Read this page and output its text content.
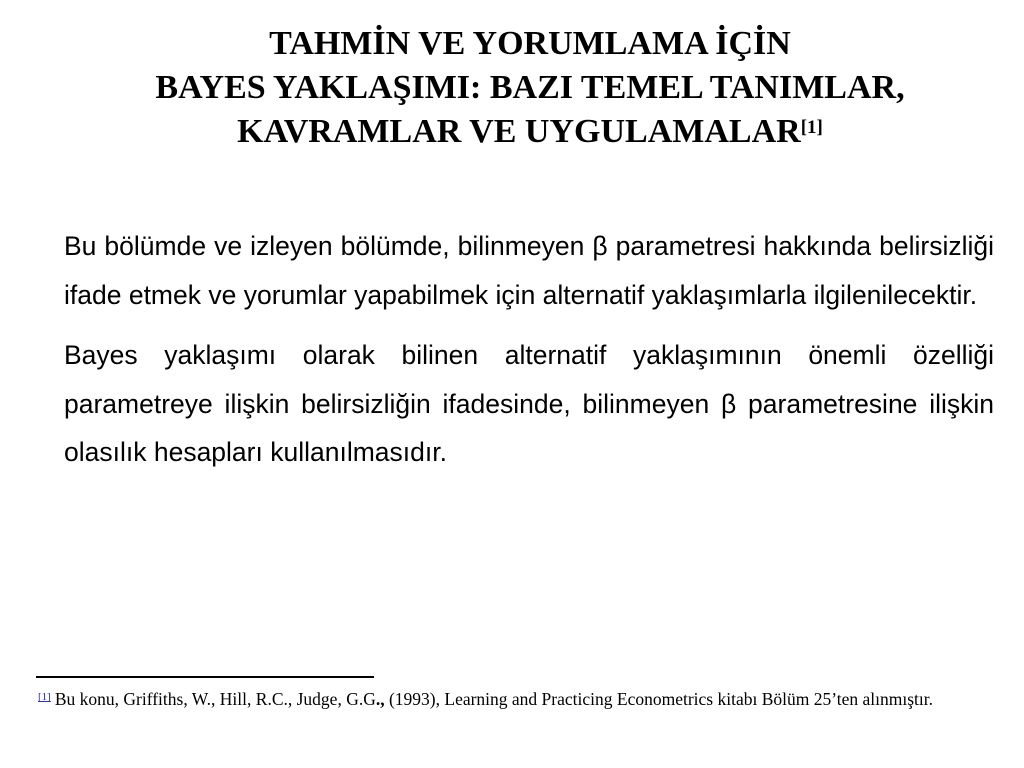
TAHMİN VE YORUMLAMA İÇİN
BAYES YAKLAŞIMI: BAZI TEMEL TANIMLAR,
KAVRAMLAR VE UYGULAMALAR[1]

Bu bölümde ve izleyen bölümde, bilinmeyen β parametresi hakkında belirsizliği ifade etmek ve yorumlar yapabilmek için alternatif yaklaşımlarla ilgilenilecektir.

Bayes yaklaşımı olarak bilinen alternatif yaklaşımının önemli özelliği parametreye ilişkin belirsizliğin ifadesinde, bilinmeyen β parametresine ilişkin olasılık hesapları kullanılmasıdır.

[1] Bu konu, Griffiths, W., Hill, R.C., Judge, G.G., (1993), Learning and Practicing Econometrics kitabı Bölüm 25’ten alınmıştır.
